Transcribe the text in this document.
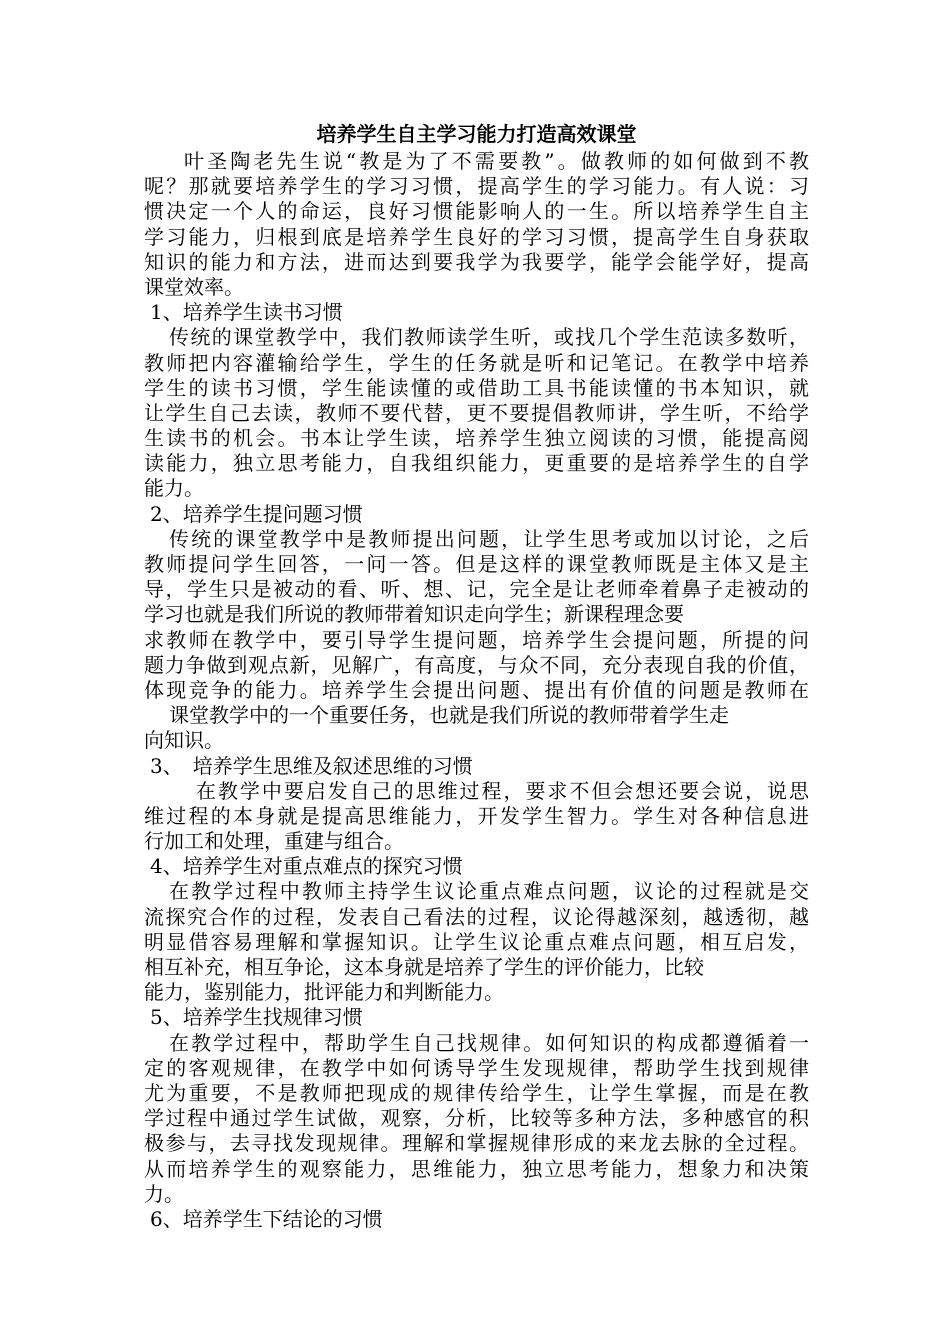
培养学生自主学习能力打造高效课堂

叶圣陶老先生说“教是为了不需要教”。做教师的如何做到不教

呢？那就要培养学生的学习习惯，提高学生的学习能力。有人说：习

惯决定一个人的命运，良好习惯能影响人的一生。所以培养学生自主

学习能力，归根到底是培养学生良好的学习习惯，提高学生自身获取

知识的能力和方法，进而达到要我学为我要学，能学会能学好，提高

课堂效率。

1、培养学生读书习惯

传统的课堂教学中，我们教师读学生听，或找几个学生范读多数听，

教师把内容灌输给学生，学生的任务就是听和记笔记。在教学中培养

学生的读书习惯，学生能读懂的或借助工具书能读懂的书本知识，就

让学生自己去读，教师不要代替，更不要提倡教师讲，学生听，不给学

生读书的机会。书本让学生读，培养学生独立阅读的习惯，能提高阅

读能力，独立思考能力，自我组织能力，更重要的是培养学生的自学

能力。

2、培养学生提问题习惯

传统的课堂教学中是教师提出问题，让学生思考或加以讨论，之后

教师提问学生回答，一问一答。但是这样的课堂教师既是主体又是主

导，学生只是被动的看、听、想、记，完全是让老师牵着鼻子走被动的

学习也就是我们所说的教师带着知识走向学生；新课程理念要

求教师在教学中，要引导学生提问题，培养学生会提问题，所提的问

题力争做到观点新，见解广，有高度，与众不同，充分表现自我的价值，

体现竞争的能力。培养学生会提出问题、提出有价值的问题是教师在

课堂教学中的一个重要任务，也就是我们所说的教师带着学生走

向知识。

3、　培养学生思维及叙述思维的习惯

在教学中要启发自己的思维过程，要求不但会想还要会说，说思

维过程的本身就是提高思维能力，开发学生智力。学生对各种信息进

行加工和处理，重建与组合。

4、培养学生对重点难点的探究习惯

在教学过程中教师主持学生议论重点难点问题，议论的过程就是交

流探究合作的过程，发表自己看法的过程，议论得越深刻，越透彻，越

明显借容易理解和掌握知识。让学生议论重点难点问题，相互启发，

相互补充，相互争论，这本身就是培养了学生的评价能力，比较

能力，鉴别能力，批评能力和判断能力。

5、培养学生找规律习惯

在教学过程中，帮助学生自己找规律。如何知识的构成都遵循着一

定的客观规律，在教学中如何诱导学生发现规律，帮助学生找到规律

尤为重要，不是教师把现成的规律传给学生，让学生掌握，而是在教

学过程中通过学生试做，观察，分析，比较等多种方法，多种感官的积

极参与，去寻找发现规律。理解和掌握规律形成的来龙去脉的全过程。

从而培养学生的观察能力，思维能力，独立思考能力，想象力和决策

力。

6、培养学生下结论的习惯
